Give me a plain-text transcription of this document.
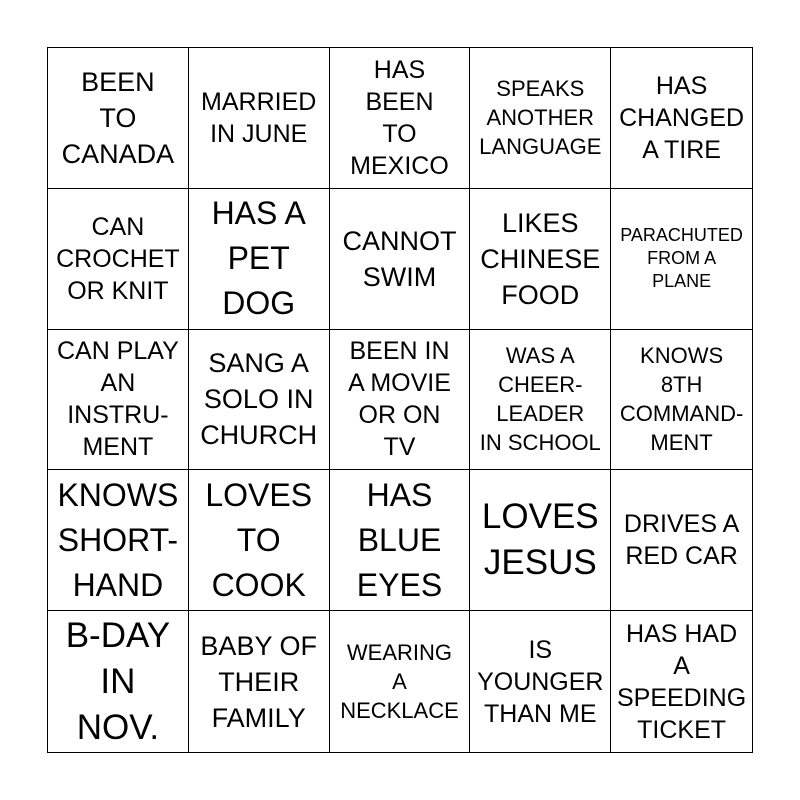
BEEN
TO
CANADA
MARRIED
IN JUNE
HAS
BEEN
TO
MEXICO
SPEAKS
ANOTHER
LANGUAGE
HAS
CHANGED
A TIRE
CAN
CROCHET
OR KNIT
HAS A
PET
DOG
CANNOT
SWIM
LIKES
CHINESE
FOOD
PARACHUTED
FROM A
PLANE
CAN PLAY
AN
INSTRU-
MENT
SANG A
SOLO IN
CHURCH
BEEN IN
A MOVIE
OR ON
TV
WAS A
CHEER-
LEADER
IN SCHOOL
KNOWS
8TH
COMMAND-
MENT
KNOWS
SHORT-
HAND
LOVES
TO
COOK
HAS
BLUE
EYES
LOVES
JESUS
DRIVES A
RED CAR
B-DAY
IN
NOV.
BABY OF
THEIR
FAMILY
WEARING
A
NECKLACE
IS
YOUNGER
THAN ME
HAS HAD
A
SPEEDING
TICKET
